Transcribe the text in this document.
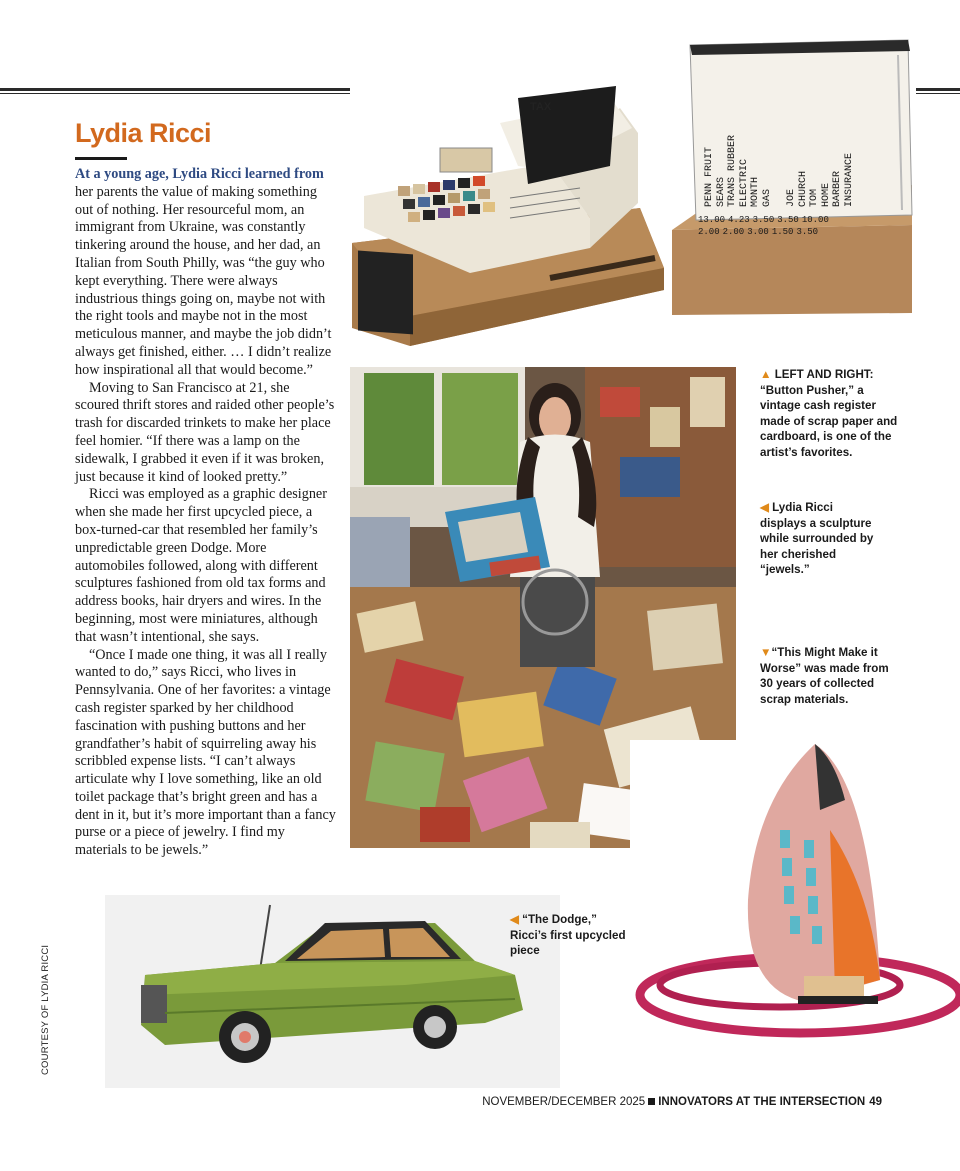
Lydia Ricci

At a young age, Lydia Ricci learned from her parents the value of making something out of nothing. Her resourceful mom, an immigrant from Ukraine, was constantly tinkering around the house, and her dad, an Italian from South Philly, was “the guy who kept everything. There were always industrious things going on, maybe not with the right tools and maybe not in the most meticulous manner, and maybe the job didn’t always get finished, either. … I didn’t realize how inspirational all that would become.”

Moving to San Francisco at 21, she scoured thrift stores and raided other people’s trash for discarded trinkets to make her place feel homier. “If there was a lamp on the sidewalk, I grabbed it even if it was broken, just because it kind of looked pretty.”

Ricci was employed as a graphic designer when she made her first upcycled piece, a box-turned-car that resembled her family’s unpredictable green Dodge. More automobiles followed, along with different sculptures fashioned from old tax forms and address books, hair dryers and wires. In the beginning, most were miniatures, although that wasn’t intentional, she says.

“Once I made one thing, it was all I really wanted to do,” says Ricci, who lives in Pennsylvania. One of her favorites: a vintage cash register sparked by her childhood fascination with pushing buttons and her grandfather’s habit of squirreling away his scribbled expense lists. “I can’t always articulate why I love something, like an old toilet package that’s bright green and has a dent in it, but it’s more important than a fancy purse or a piece of jewelry. I find my materials to be jewels.”

TAX
PENN FRUIT SEARS TRANS RUBBER ELECTRIC MONTH GAS JOE CHURCH TOM HOME BARBER INSURANCE
13.00 4.23 3.50 3.50 10.00
2.00 2.00 3.00 1.50 3.50
▲ LEFT AND RIGHT: “Button Pusher,” a vintage cash register made of scrap paper and cardboard, is one of the artist’s favorites.
◀ Lydia Ricci displays a sculpture while surrounded by her cherished “jewels.”
▼“This Might Make it Worse” was made from 30 years of collected scrap materials.
◀ “The Dodge,” Ricci’s first upcycled piece
COURTESY OF LYDIA RICCI
NOVEMBER/DECEMBER 2025 INNOVATORS AT THE INTERSECTION 49
